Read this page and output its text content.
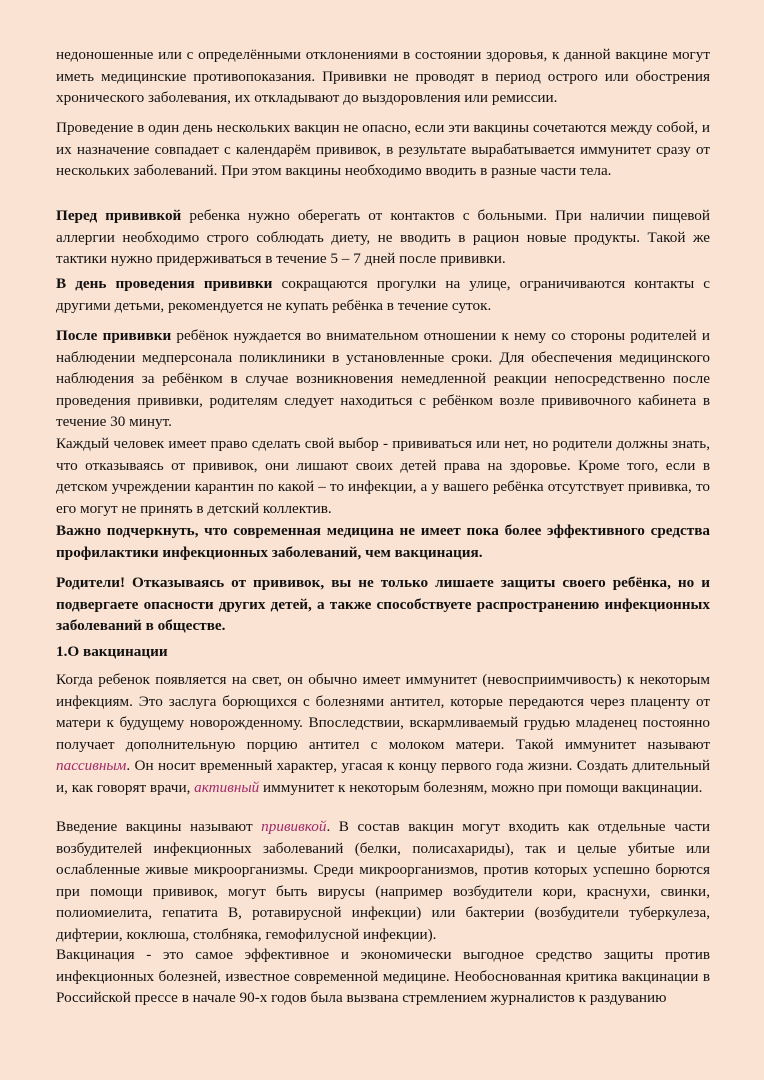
недоношенные или с определёнными отклонениями в состоянии здоровья, к данной вакцине могут иметь медицинские противопоказания. Прививки не проводят в период острого или обострения хронического заболевания, их откладывают до выздоровления или ремиссии.

Проведение в один день нескольких вакцин не опасно, если эти вакцины сочетаются между собой, и их назначение совпадает с календарём прививок, в результате вырабатывается иммунитет сразу от нескольких заболеваний. При этом вакцины необходимо вводить в разные части тела.

Перед прививкой ребенка нужно оберегать от контактов с больными. При наличии пищевой аллергии необходимо строго соблюдать диету, не вводить в рацион новые продукты. Такой же тактики нужно придерживаться в течение 5 – 7 дней после прививки.

В день проведения прививки сокращаются прогулки на улице, ограничиваются контакты с другими детьми, рекомендуется не купать ребёнка в течение суток.

После прививки ребёнок нуждается во внимательном отношении к нему со стороны родителей и наблюдении медперсонала поликлиники в установленные сроки. Для обеспечения медицинского наблюдения за ребёнком в случае возникновения немедленной реакции непосредственно после проведения прививки, родителям следует находиться с ребёнком возле прививочного кабинета в течение 30 минут.

Каждый человек имеет право сделать свой выбор - прививаться или нет, но родители должны знать, что отказываясь от прививок, они лишают своих детей права на здоровье. Кроме того, если в детском учреждении карантин по какой – то инфекции, а у вашего ребёнка отсутствует прививка, то его могут не принять в детский коллектив.

Важно подчеркнуть, что современная медицина не имеет пока более эффективного средства профилактики инфекционных заболеваний, чем вакцинация.

Родители! Отказываясь от прививок, вы не только лишаете защиты своего ребёнка, но и подвергаете опасности других детей, а также способствуете распространению инфекционных заболеваний в обществе.

1.О вакцинации

Когда ребенок появляется на свет, он обычно имеет иммунитет (невосприимчивость) к некоторым инфекциям. Это заслуга борющихся с болезнями антител, которые передаются через плаценту от матери к будущему новорожденному. Впоследствии, вскармливаемый грудью младенец постоянно получает дополнительную порцию антител с молоком матери. Такой иммунитет называют пассивным. Он носит временный характер, угасая к концу первого года жизни. Создать длительный и, как говорят врачи, активный иммунитет к некоторым болезням, можно при помощи вакцинации.

Введение вакцины называют прививкой. В состав вакцин могут входить как отдельные части возбудителей инфекционных заболеваний (белки, полисахариды), так и целые убитые или ослабленные живые микроорганизмы. Среди микроорганизмов, против которых успешно борются при помощи прививок, могут быть вирусы (например возбудители кори, краснухи, свинки, полиомиелита, гепатита В, ротавирусной инфекции) или бактерии (возбудители туберкулеза, дифтерии, коклюша, столбняка, гемофилусной инфекции).

Вакцинация - это самое эффективное и экономически выгодное средство защиты против инфекционных болезней, известное современной медицине. Необоснованная критика вакцинации в Российской прессе в начале 90-х годов была вызвана стремлением журналистов к раздуванию
